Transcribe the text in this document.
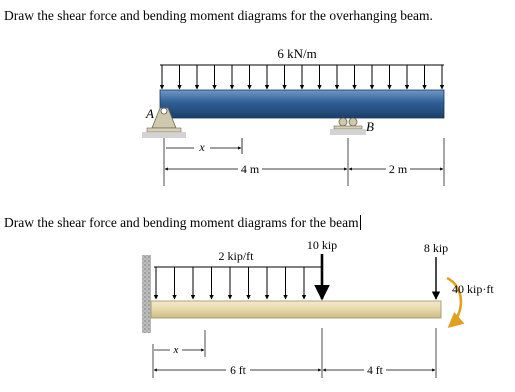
Draw the shear force and bending moment diagrams for the overhanging beam.
Draw the shear force and bending moment diagrams for the beam
6 kN/m
A
B
x
4 m	2 m
2 kip/ft
10 kip	8 kip
40 kip·ft
x
6 ft	4 ft
